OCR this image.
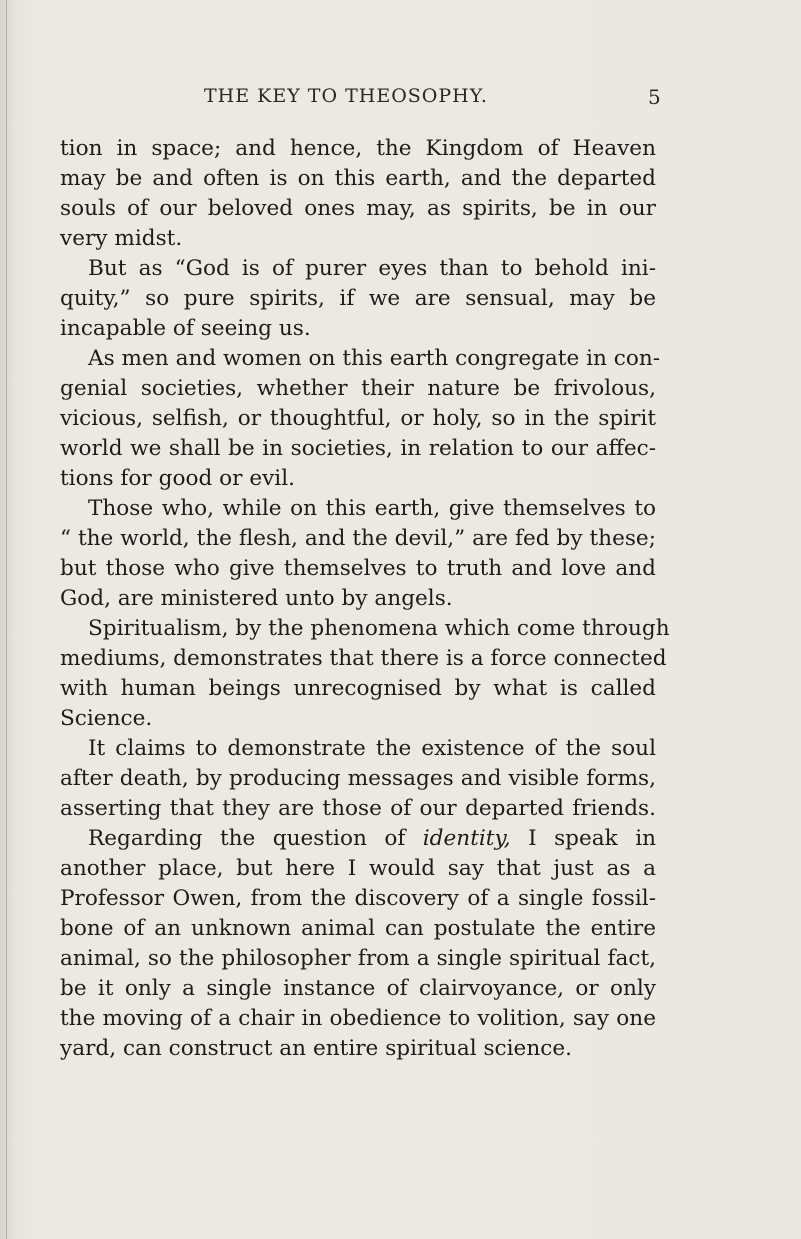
THE KEY TO THEOSOPHY.	5
tion in space; and hence, the Kingdom of Heaven
may be and often is on this earth, and the departed
souls of our beloved ones may, as spirits, be in our
very midst.
But as “God is of purer eyes than to behold ini-
quity,” so pure spirits, if we are sensual, may be
incapable of seeing us.
As men and women on this earth congregate in con-
genial societies, whether their nature be frivolous,
vicious, selfish, or thoughtful, or holy, so in the spirit
world we shall be in societies, in relation to our affec-
tions for good or evil.
Those who, while on this earth, give themselves to
“ the world, the flesh, and the devil,” are fed by these;
but those who give themselves to truth and love and
God, are ministered unto by angels.
Spiritualism, by the phenomena which come through
mediums, demonstrates that there is a force connected
with human beings unrecognised by what is called
Science.
It claims to demonstrate the existence of the soul
after death, by producing messages and visible forms,
asserting that they are those of our departed friends.
Regarding the question of identity, I speak in
another place, but here I would say that just as a
Professor Owen, from the discovery of a single fossil-
bone of an unknown animal can postulate the entire
animal, so the philosopher from a single spiritual fact,
be it only a single instance of clairvoyance, or only
the moving of a chair in obedience to volition, say one
yard, can construct an entire spiritual science.
